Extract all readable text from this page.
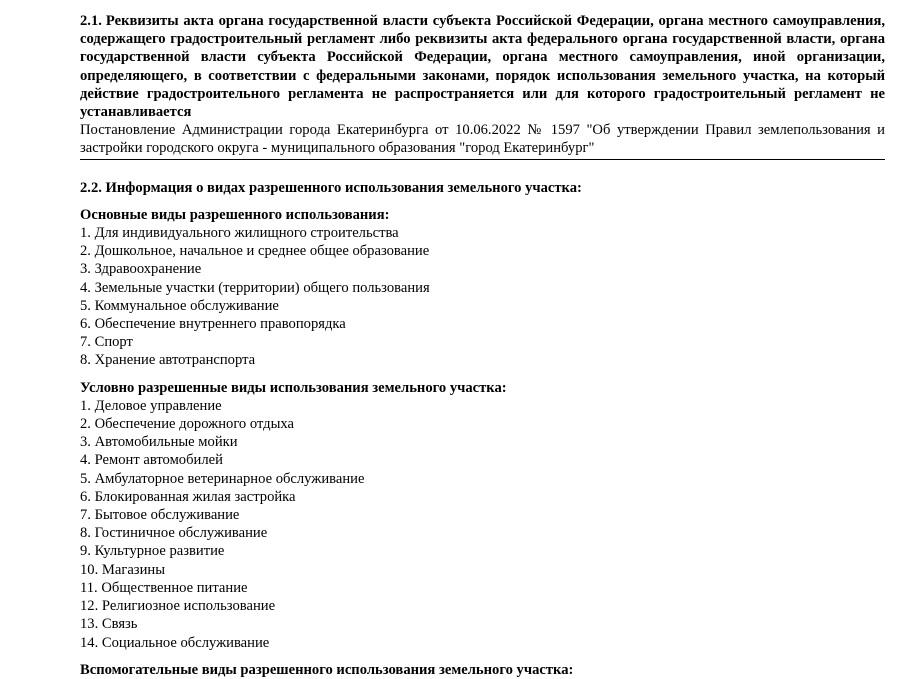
2.1. Реквизиты акта органа государственной власти субъекта Российской Федерации, органа местного самоуправления, содержащего градостроительный регламент либо реквизиты акта федерального органа государственной власти, органа государственной власти субъекта Российской Федерации, органа местного самоуправления, иной организации, определяющего, в соответствии с федеральными законами, порядок использования земельного участка, на который действие градостроительного регламента не распространяется или для которого градостроительный регламент не устанавливается

Постановление Администрации города Екатеринбурга от 10.06.2022 № 1597 "Об утверждении Правил землепользования и застройки городского округа - муниципального образования "город Екатеринбург"

2.2. Информация о видах разрешенного использования земельного участка:

Основные виды разрешенного использования:

1. Для индивидуального жилищного строительства
2. Дошкольное, начальное и среднее общее образование
3. Здравоохранение
4. Земельные участки (территории) общего пользования
5. Коммунальное обслуживание
6. Обеспечение внутреннего правопорядка
7. Спорт
8. Хранение автотранспорта

Условно разрешенные виды использования земельного участка:

1. Деловое управление
2. Обеспечение дорожного отдыха
3. Автомобильные мойки
4. Ремонт автомобилей
5. Амбулаторное ветеринарное обслуживание
6. Блокированная жилая застройка
7. Бытовое обслуживание
8. Гостиничное обслуживание
9. Культурное развитие
10. Магазины
11. Общественное питание
12. Религиозное использование
13. Связь
14. Социальное обслуживание

Вспомогательные виды разрешенного использования земельного участка:
